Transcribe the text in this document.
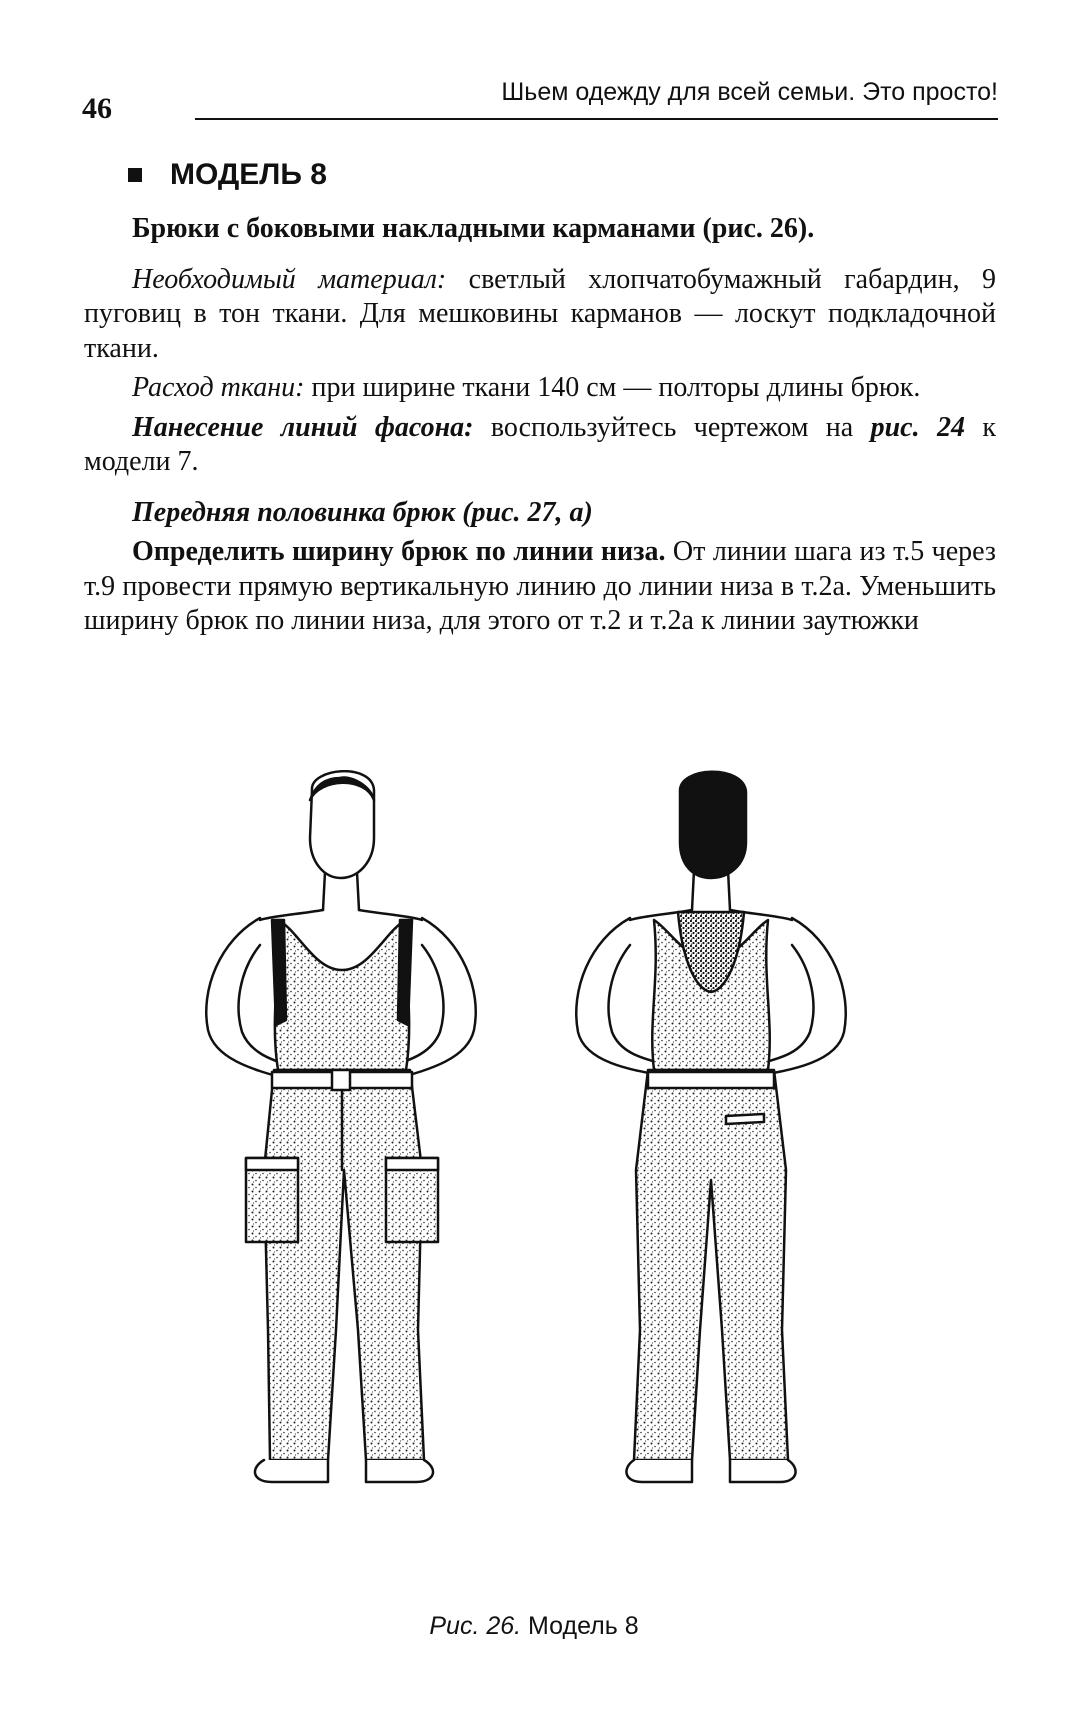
46	Шьем одежду для всей семьи. Это просто!
МОДЕЛЬ 8

Брюки с боковыми накладными карманами (рис. 26).

Необходимый материал: светлый хлопчатобумажный габардин, 9 пуговиц в тон ткани. Для мешковины карманов — лоскут подкладочной ткани.

Расход ткани: при ширине ткани 140 см — полторы длины брюк.

Нанесение линий фасона: воспользуйтесь чертежом на рис. 24 к модели 7.

Передняя половинка брюк (рис. 27, а)

Определить ширину брюк по линии низа. От линии шага из т.5 через т.9 провести прямую вертикальную линию до линии низа в т.2а. Уменьшить ширину брюк по линии низа, для этого от т.2 и т.2а к линии заутюжки

Рис. 26. Модель 8
